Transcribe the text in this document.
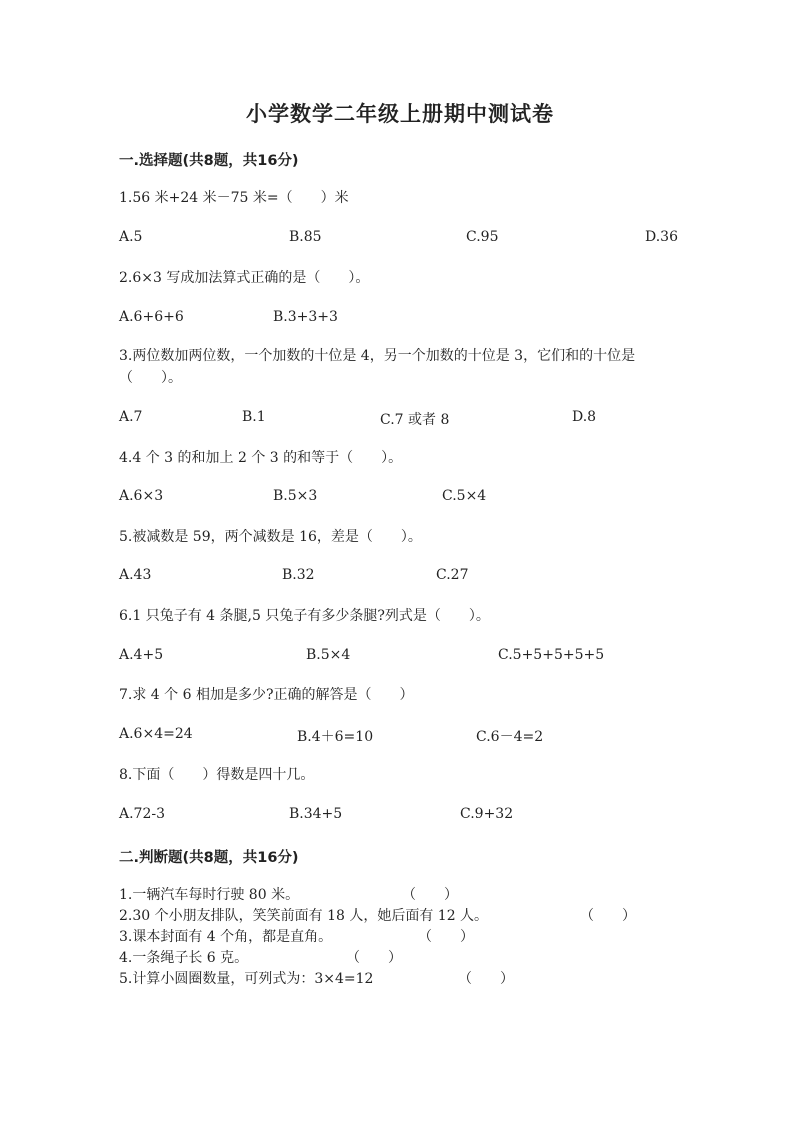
小学数学二年级上册期中测试卷
一.选择题(共8题，共16分)
1.56 米+24 米－75 米=（　　）米
A.5	B.85	C.95	D.36
2.6×3 写成加法算式正确的是（　　）。
A.6+6+6	B.3+3+3
3.两位数加两位数，一个加数的十位是 4，另一个加数的十位是 3，它们和的十位是（　　）。
A.7	B.1	C.7 或者 8	D.8
4.4 个 3 的和加上 2 个 3 的和等于（　　）。
A.6×3	B.5×3	C.5×4
5.被减数是 59，两个减数是 16，差是（　　）。
A.43	B.32	C.27
6.1 只兔子有 4 条腿,5 只兔子有多少条腿?列式是（　　）。
A.4+5	B.5×4	C.5+5+5+5+5
7.求 4 个 6 相加是多少?正确的解答是（　　）
A.6×4=24	B.4＋6=10	C.6－4=2
8.下面（　　）得数是四十几。
A.72-3	B.34+5	C.9+32
二.判断题(共8题，共16分)
1.一辆汽车每时行驶 80 米。	（　　）
2.30 个小朋友排队，笑笑前面有 18 人，她后面有 12 人。	（　　）
3.课本封面有 4 个角，都是直角。	（　　）
4.一条绳子长 6 克。	（　　）
5.计算小圆圈数量，可列式为：3×4=12	（　　）
